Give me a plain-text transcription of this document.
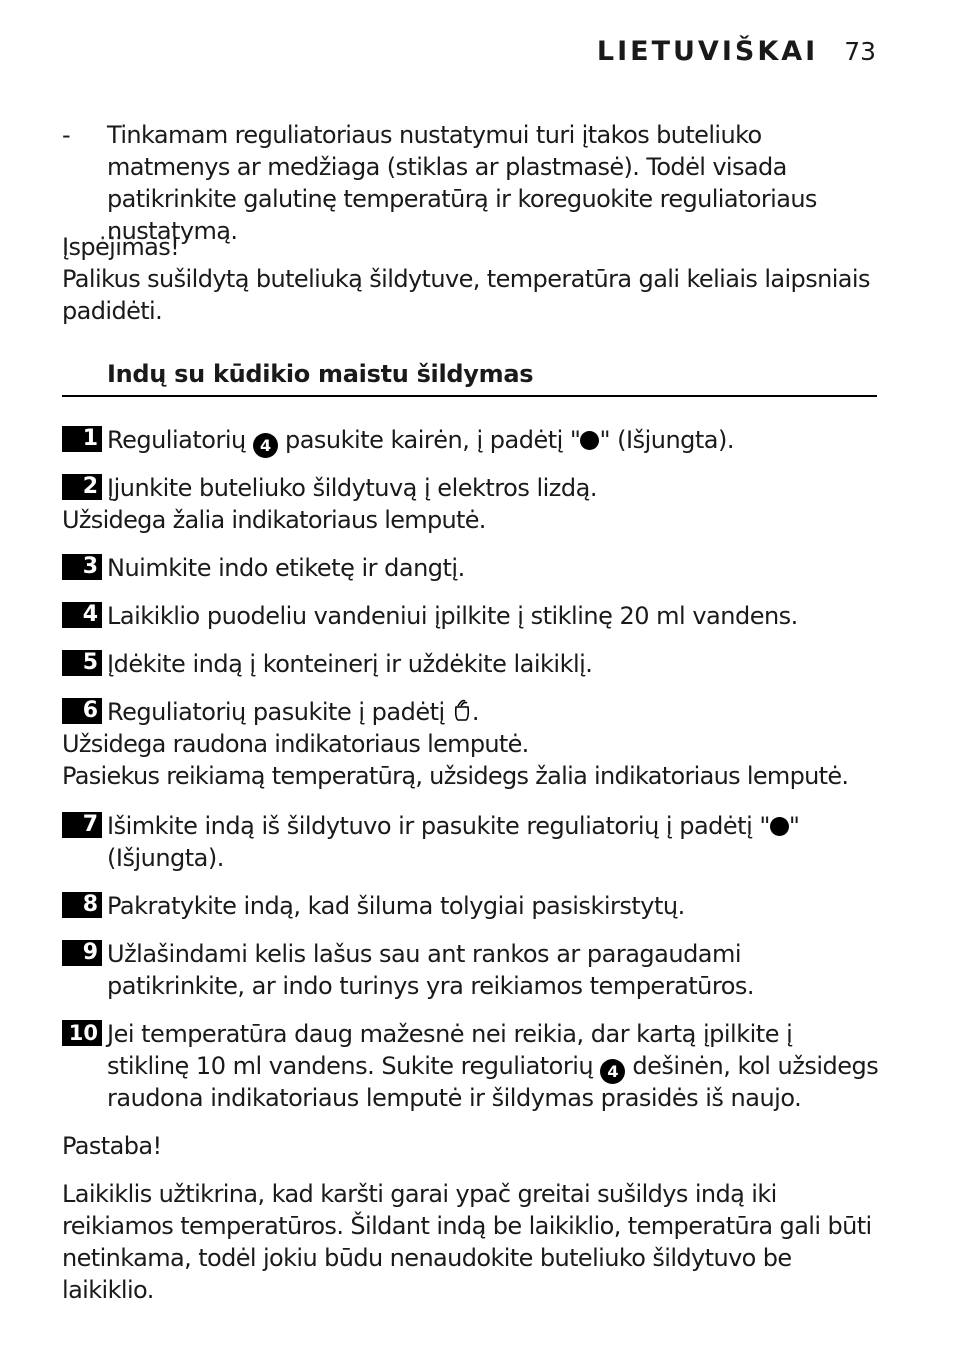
LIETUVIŠKAI 73
- Tinkamam reguliatoriaus nustatymui turi įtakos buteliuko matmenys ar medžiaga (stiklas ar plastmasė). Todėl visada patikrinkite galutinę temperatūrą ir koreguokite reguliatoriaus nustatymą.
Įspėjimas!
Palikus sušildytą buteliuką šildytuve, temperatūra gali keliais laipsniais padidėti.
Indų su kūdikio maistu šildymas
1 Reguliatorių 4 pasukite kairėn, į padėtį " " (Išjungta).
2 Įjunkite buteliuko šildytuvą į elektros lizdą.
Užsidega žalia indikatoriaus lemputė.
3 Nuimkite indo etiketę ir dangtį.
4 Laikiklio puodeliu vandeniui įpilkite į stiklinę 20 ml vandens.
5 Įdėkite indą į konteinerį ir uždėkite laikiklį.
6 Reguliatorių pasukite į padėtį .
Užsidega raudona indikatoriaus lemputė.
Pasiekus reikiamą temperatūrą, užsidegs žalia indikatoriaus lemputė.
7 Išimkite indą iš šildytuvo ir pasukite reguliatorių į padėtį " "
(Išjungta).
8 Pakratykite indą, kad šiluma tolygiai pasiskirstytų.
9 Užlašindami kelis lašus sau ant rankos ar paragaudami
patikrinkite, ar indo turinys yra reikiamos temperatūros.
10 Jei temperatūra daug mažesnė nei reikia, dar kartą įpilkite į
stiklinę 10 ml vandens. Sukite reguliatorių 4 dešinėn, kol užsidegs
raudona indikatoriaus lemputė ir šildymas prasidės iš naujo.
Pastaba!
Laikiklis užtikrina, kad karšti garai ypač greitai sušildys indą iki reikiamos temperatūros. Šildant indą be laikiklio, temperatūra gali būti netinkama, todėl jokiu būdu nenaudokite buteliuko šildytuvo be laikiklio.
